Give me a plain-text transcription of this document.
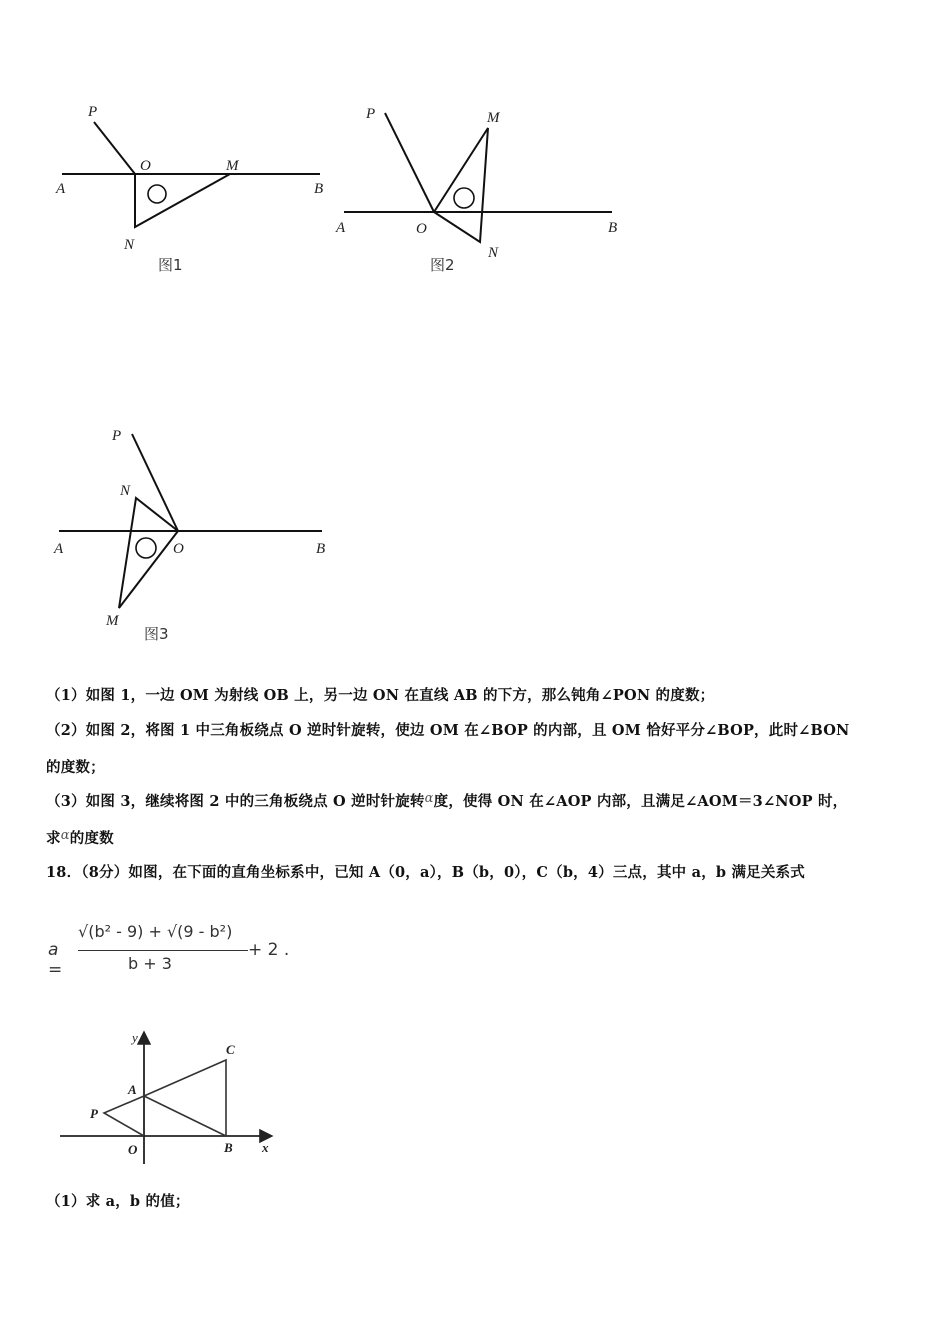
P
O	M
A	B
N
图1
P	M
A	O	B
N
图2
P
N
A	O	B
M
图3
（1）如图 1，一边 OM 为射线 OB 上，另一边 ON 在直线 AB 的下方，那么钝角∠PON 的度数；
（2）如图 2，将图 1 中三角板绕点 O 逆时针旋转，使边 OM 在∠BOP 的内部，且 OM 恰好平分∠BOP，此时∠BON
的度数；
（3）如图 3，继续将图 2 中的三角板绕点 O 逆时针旋转α度，使得 ON 在∠AOP 内部，且满足∠AOM＝3∠NOP 时，
求α的度数
18．（8分）如图，在下面的直角坐标系中，已知 A（0，a），B（b，0），C（b，4）三点，其中 a，b 满足关系式
a =
√(b² - 9) + √(9 - b²)
b + 3
+ 2 .
y
C
A
P
O	B x
（1）求 a，b 的值；
